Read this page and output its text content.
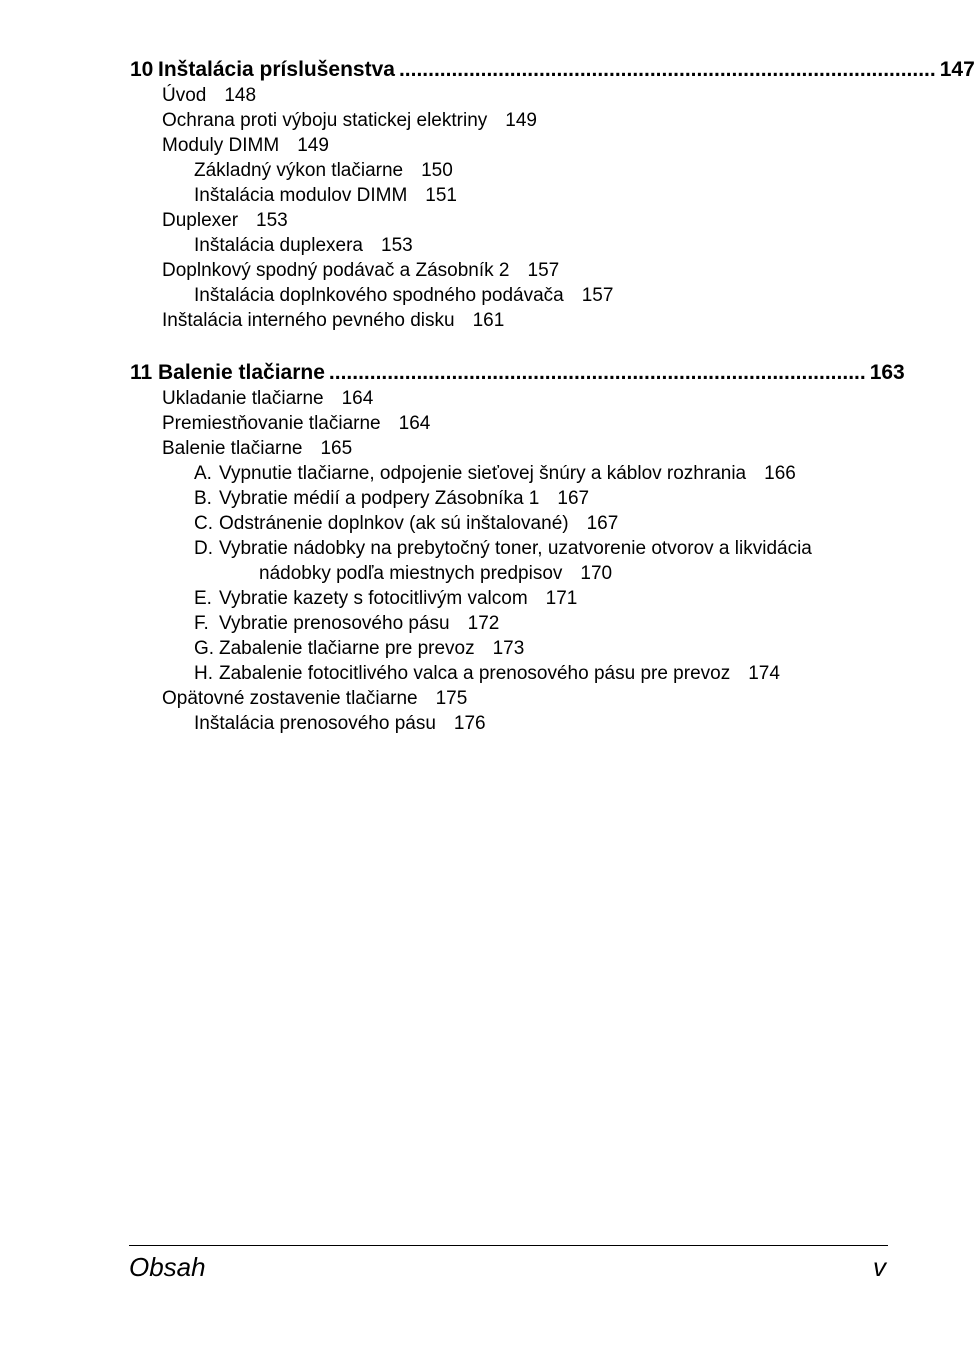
10 Inštalácia príslušenstva ............................................................................................ 147
Úvod 148
Ochrana proti výboju statickej elektriny 149
Moduly DIMM 149
Základný výkon tlačiarne 150
Inštalácia modulov DIMM 151
Duplexer 153
Inštalácia duplexera 153
Doplnkový spodný podávač a Zásobník 2 157
Inštalácia doplnkového spodného podávača 157
Inštalácia interného pevného disku 161
11 Balenie tlačiarne ............................................................................................ 163
Ukladanie tlačiarne 164
Premiestňovanie tlačiarne 164
Balenie tlačiarne 165
A. Vypnutie tlačiarne, odpojenie sieťovej šnúry a káblov rozhrania 166
B. Vybratie médií a podpery Zásobníka 1 167
C. Odstránenie doplnkov (ak sú inštalované) 167
D. Vybratie nádobky na prebytočný toner, uzatvorenie otvorov a likvidácia
nádobky podľa miestnych predpisov 170
E. Vybratie kazety s fotocitlivým valcom 171
F. Vybratie prenosového pásu 172
G. Zabalenie tlačiarne pre prevoz 173
H. Zabalenie fotocitlivého valca a prenosového pásu pre prevoz 174
Opätovné zostavenie tlačiarne 175
Inštalácia prenosového pásu 176
Obsah	v
